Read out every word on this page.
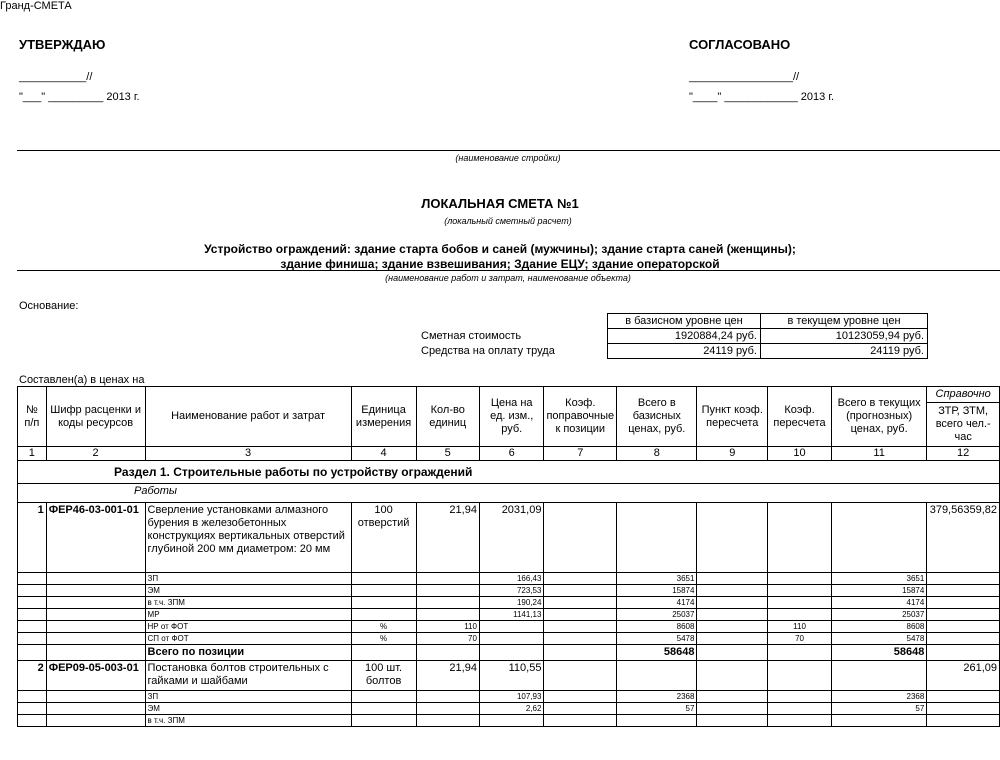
Гранд-СМЕТА
УТВЕРЖДАЮ
___________//
"___" _________ 2013 г.
СОГЛАСОВАНО
_________________//
"____" ____________ 2013 г.
(наименование стройки)
ЛОКАЛЬНАЯ СМЕТА №1
(локальный сметный расчет)
Устройство ограждений: здание старта бобов и саней (мужчины); здание старта саней (женщины);
здание финиша; здание взвешивания; Здание ЕЦУ; здание операторской
(наименование работ и затрат, наименование объекта)
Основание:
	в базисном уровне цен	в текущем уровне цен
Сметная стоимость	1920884,24 руб.	10123059,94 руб.
Средства на оплату труда	24119 руб.	24119 руб.
Составлен(а) в ценах на
№ п/п	Шифр расценки и коды ресурсов	Наименование работ и затрат	Единица измерения	Кол-во единиц	Цена на ед. изм., руб.	Коэф. поправочные к позиции	Всего в базисных ценах, руб.	Пункт коэф. пересчета	Коэф. пересчета	Всего в текущих (прогнозных) ценах, руб.	Справочно
ЗТР, ЗТМ, всего чел.-час

1	2	3	4	5	6	7	8	9	10	11	12
Раздел 1. Строительные работы по устройству ограждений											
Работы											
1	ФЕР46-03-001-01	Сверление установками алмазного бурения в железобетонных конструкциях вертикальных отверстий глубиной 200 мм диаметром: 20 мм	100 отверстий	21,94	2031,09						379,56359,82
		ЗП			166,43		3651			3651	
		ЭМ			723,53		15874			15874	
		в т.ч. ЗПМ			190,24		4174			4174	
		МР			1141,13		25037			25037	
		НР от ФОТ	%	110			8608		110	8608	
		СП от ФОТ	%	70			5478		70	5478	
		Всего по позиции					58648			58648	
2	ФЕР09-05-003-01	Постановка болтов строительных с гайками и шайбами	100 шт. болтов	21,94	110,55						261,09
		ЗП			107,93		2368			2368	
		ЭМ			2,62		57			57	
		в т.ч. ЗПМ									
